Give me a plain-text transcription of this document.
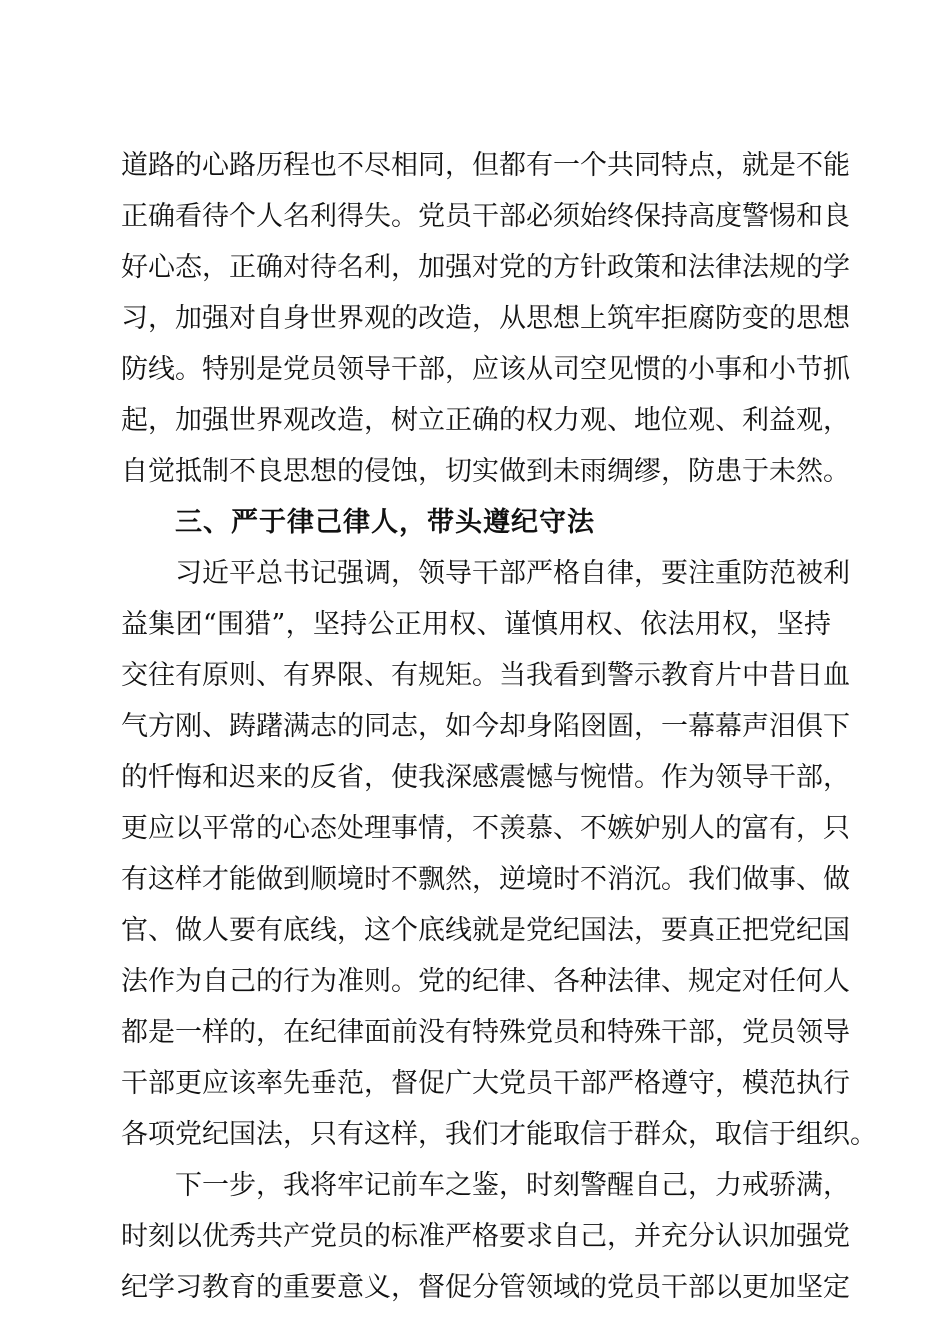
道路的心路历程也不尽相同，但都有一个共同特点，就是不能
正确看待个人名利得失。党员干部必须始终保持高度警惕和良
好心态，正确对待名利，加强对党的方针政策和法律法规的学
习，加强对自身世界观的改造，从思想上筑牢拒腐防变的思想
防线。特别是党员领导干部，应该从司空见惯的小事和小节抓
起，加强世界观改造，树立正确的权力观、地位观、利益观，
自觉抵制不良思想的侵蚀，切实做到未雨绸缪，防患于未然。
三、严于律己律人，带头遵纪守法
习近平总书记强调，领导干部严格自律，要注重防范被利
益集团“围猎”，坚持公正用权、谨慎用权、依法用权，坚持
交往有原则、有界限、有规矩。当我看到警示教育片中昔日血
气方刚、踌躇满志的同志，如今却身陷囹圄，一幕幕声泪俱下
的忏悔和迟来的反省，使我深感震憾与惋惜。作为领导干部，
更应以平常的心态处理事情，不羡慕、不嫉妒别人的富有，只
有这样才能做到顺境时不飘然，逆境时不消沉。我们做事、做
官、做人要有底线，这个底线就是党纪国法，要真正把党纪国
法作为自己的行为准则。党的纪律、各种法律、规定对任何人
都是一样的，在纪律面前没有特殊党员和特殊干部，党员领导
干部更应该率先垂范，督促广大党员干部严格遵守，模范执行
各项党纪国法，只有这样，我们才能取信于群众，取信于组织。
下一步，我将牢记前车之鉴，时刻警醒自己，力戒骄满，
时刻以优秀共产党员的标准严格要求自己，并充分认识加强党
纪学习教育的重要意义，督促分管领域的党员干部以更加坚定
